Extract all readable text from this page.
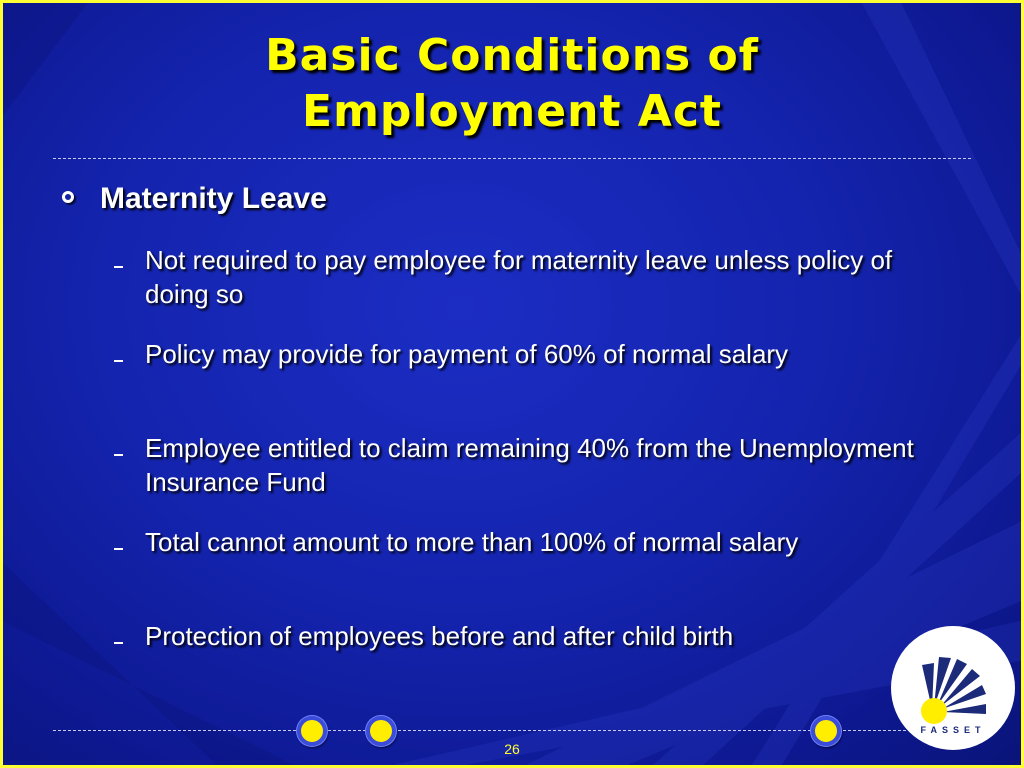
Basic Conditions of
Employment Act
Maternity Leave
Not required to pay employee for maternity leave unless policy of doing so
Policy may provide for payment of 60% of normal salary
Employee entitled to claim remaining 40% from the Unemployment Insurance Fund
Total cannot amount to more than 100% of normal salary
Protection of employees before and after child birth
26
FASSET
